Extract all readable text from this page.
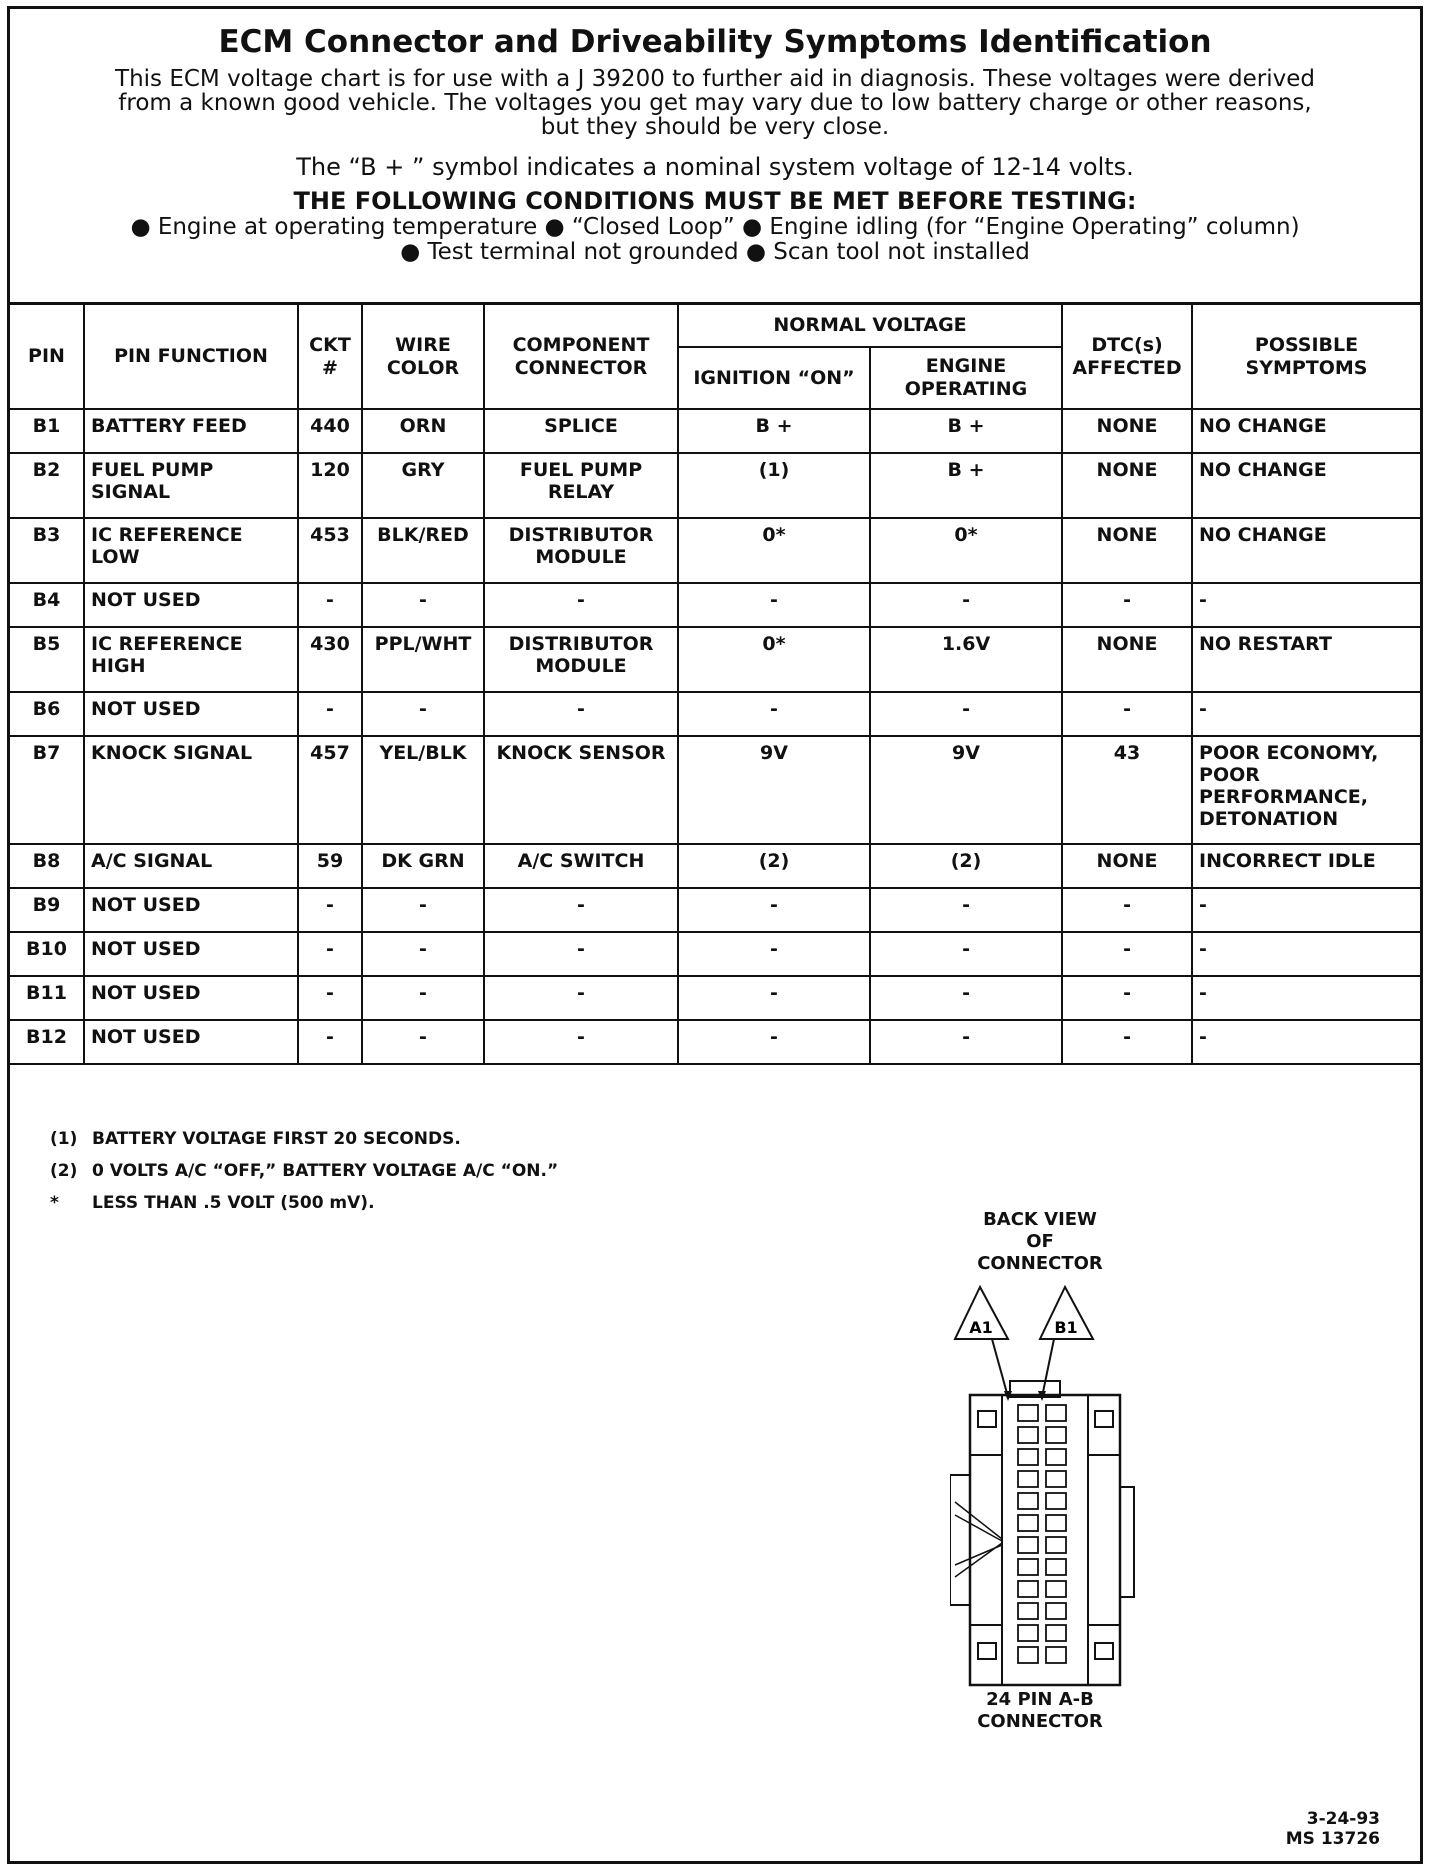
ECM Connector and Driveability Symptoms Identification
This ECM voltage chart is for use with a J 39200 to further aid in diagnosis. These voltages were derived
from a known good vehicle. The voltages you get may vary due to low battery charge or other reasons,
but they should be very close.
The “B + ” symbol indicates a nominal system voltage of 12-14 volts.
THE FOLLOWING CONDITIONS MUST BE MET BEFORE TESTING:
● Engine at operating temperature ● “Closed Loop” ● Engine idling (for “Engine Operating” column)
● Test terminal not grounded ● Scan tool not installed
PIN	PIN FUNCTION	CKT #	WIRE COLOR	COMPONENT CONNECTOR	NORMAL VOLTAGE		DTC(s) AFFECTED	POSSIBLE SYMPTOMS
					IGNITION “ON”	ENGINE OPERATING		
B1	BATTERY FEED	440	ORN	SPLICE	B +	B +	NONE	NO CHANGE
B2	FUEL PUMP SIGNAL	120	GRY	FUEL PUMP RELAY	(1)	B +	NONE	NO CHANGE
B3	IC REFERENCE LOW	453	BLK/RED	DISTRIBUTOR MODULE	0*	0*	NONE	NO CHANGE
B4	NOT USED	-	-	-	-	-	-	-
B5	IC REFERENCE HIGH	430	PPL/WHT	DISTRIBUTOR MODULE	0*	1.6V	NONE	NO RESTART
B6	NOT USED	-	-	-	-	-	-	-
B7	KNOCK SIGNAL	457	YEL/BLK	KNOCK SENSOR	9V	9V	43	POOR ECONOMY, POOR PERFORMANCE, DETONATION
B8	A/C SIGNAL	59	DK GRN	A/C SWITCH	(2)	(2)	NONE	INCORRECT IDLE
B9	NOT USED	-	-	-	-	-	-	-
B10	NOT USED	-	-	-	-	-	-	-
B11	NOT USED	-	-	-	-	-	-	-
B12	NOT USED	-	-	-	-	-	-	-
(1) BATTERY VOLTAGE FIRST 20 SECONDS.
(2) 0 VOLTS A/C “OFF,” BATTERY VOLTAGE A/C “ON.”
*	LESS THAN .5 VOLT (500 mV).
BACK VIEW
OF
CONNECTOR
A1	B1
24 PIN A-B
CONNECTOR
3-24-93
MS 13726
